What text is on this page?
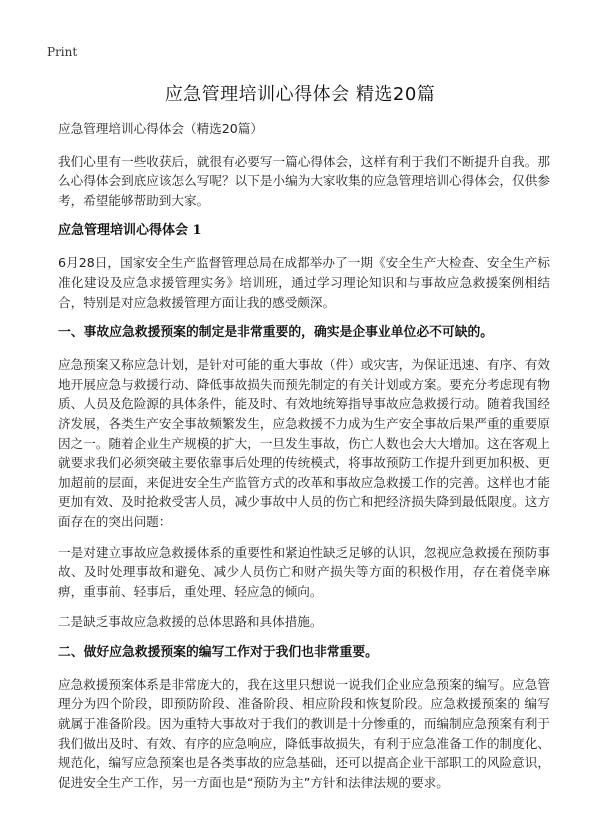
Print
应急管理培训心得体会 精选20篇

应急管理培训心得体会（精选20篇）

我们心里有一些收获后，就很有必要写一篇心得体会，这样有利于我们不断提升自我。那么心得体会到底应该怎么写呢？以下是小编为大家收集的应急管理培训心得体会，仅供参考，希望能够帮助到大家。

应急管理培训心得体会 1

6月28日，国家安全生产监督管理总局在成都举办了一期《安全生产大检查、安全生产标准化建设及应急求援管理实务》培训班，通过学习理论知识和与事故应急救援案例相结合，特别是对应急救援管理方面让我的感受颇深。

一、事故应急救援预案的制定是非常重要的，确实是企事业单位必不可缺的。

应急预案又称应急计划，是针对可能的重大事故（件）或灾害，为保证迅速、有序、有效地开展应急与救援行动、降低事故损失而预先制定的有关计划或方案。要充分考虑现有物质、人员及危险源的具体条件，能及时、有效地统筹指导事故应急救援行动。随着我国经济发展，各类生产安全事故频繁发生，应急救援不力成为生产安全事故后果严重的重要原因之一。随着企业生产规模的扩大，一旦发生事故，伤亡人数也会大大增加。这在客观上就要求我们必须突破主要依靠事后处理的传统模式，将事故预防工作提升到更加积极、更加超前的层面，来促进安全生产监管方式的改革和事故应急救援工作的完善。这样也才能更加有效、及时抢救受害人员，减少事故中人员的伤亡和把经济损失降到最低限度。这方面存在的突出问题：

一是对建立事故应急救援体系的重要性和紧迫性缺乏足够的认识，忽视应急救援在预防事故、及时处理事故和避免、减少人员伤亡和财产损失等方面的积极作用，存在着侥幸麻痹，重事前、轻事后，重处理、轻应急的倾向。

二是缺乏事故应急救援的总体思路和具体措施。

二、做好应急救援预案的编写工作对于我们也非常重要。

应急救援预案体系是非常庞大的，我在这里只想说一说我们企业应急预案的编写。应急管理分为四个阶段，即预防阶段、准备阶段、相应阶段和恢复阶段。应急救援预案的 编写就属于准备阶段。因为重特大事故对于我们的教训是十分惨重的，而编制应急预案有利于我们做出及时、有效、有序的应急响应，降低事故损失，有利于应急准备工作的制度化、规范化，编写应急预案也是各类事故的应急基础，还可以提高企业干部职工的风险意识，促进安全生产工作，另一方面也是“预防为主”方针和法律法规的要求。
